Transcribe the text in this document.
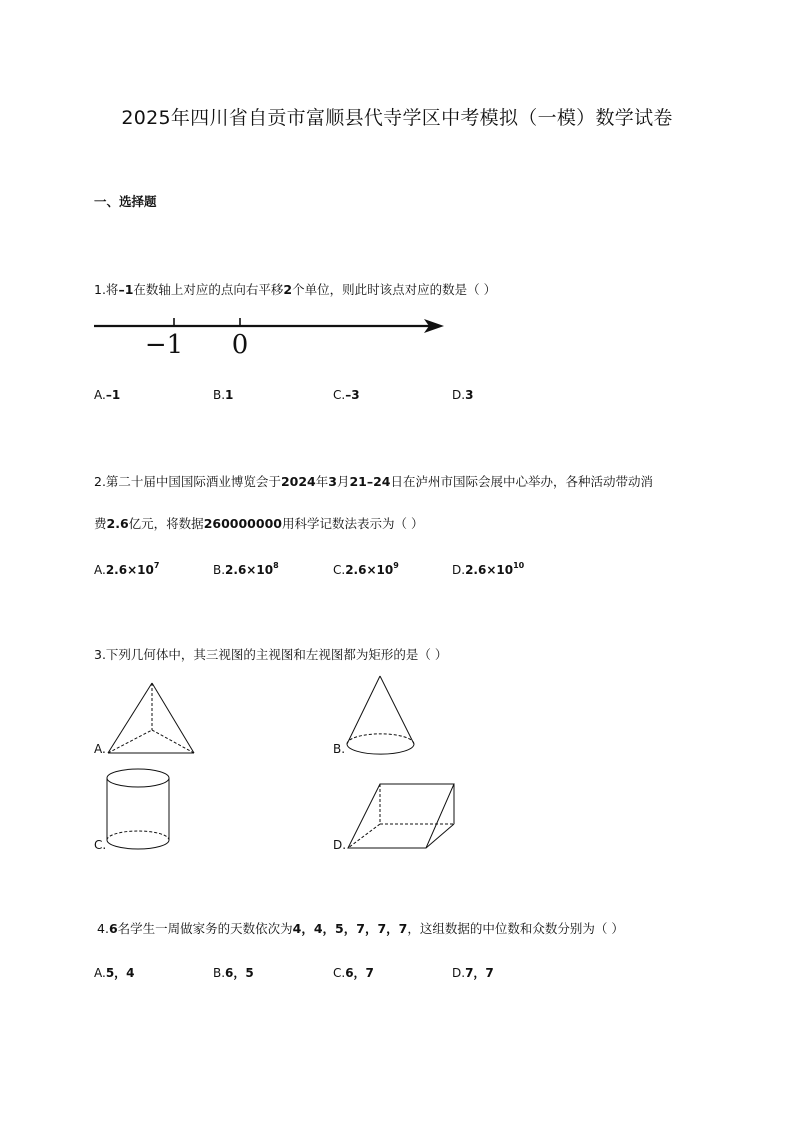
2025年四川省自贡市富顺县代寺学区中考模拟（一模）数学试卷
一、选择题
1.将–1在数轴上对应的点向右平移2个单位，则此时该点对应的数是（ ）
−1 0
A.–1	B.1	C.–3	D.3
2.第二十届中国国际酒业博览会于2024年3月21–24日在泸州市国际会展中心举办，各种活动带动消
费2.6亿元，将数据260000000用科学记数法表示为（ ）
$A.2.6\times 10^7$	$B.2.6\times 10^8$	$C.2.6\times 10^9$	$D.2.6\times 10^{10}$
3.下列几何体中，其三视图的主视图和左视图都为矩形的是（ ）
A.	B.
C.	D.
4.6名学生一周做家务的天数依次为4，4，5，7，7，7，这组数据的中位数和众数分别为（ ）
A.5，4	B.6，5	C.6，7	D.7，7
